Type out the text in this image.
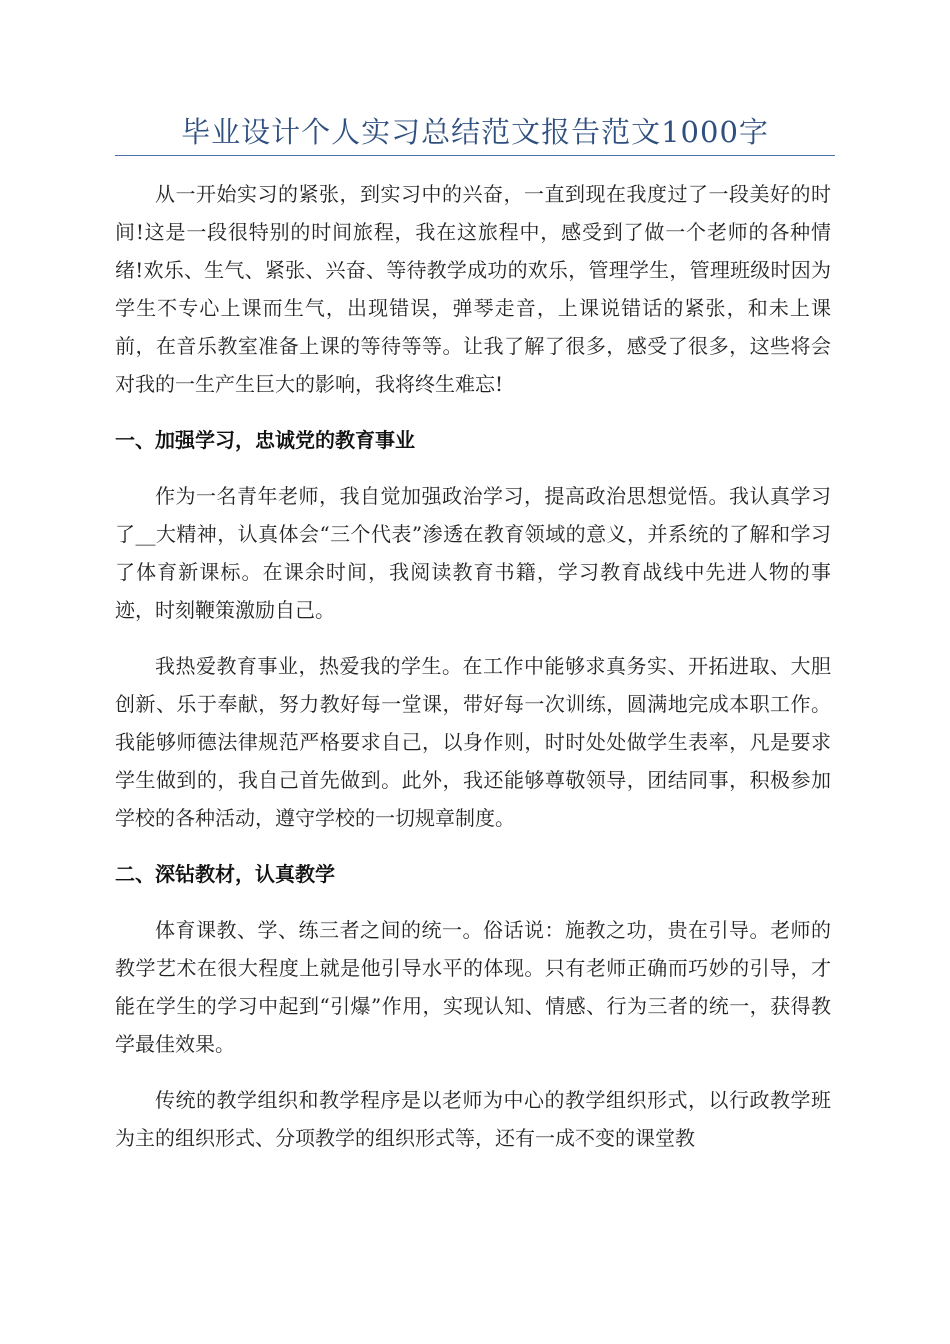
毕业设计个人实习总结范文报告范文1000字

从一开始实习的紧张，到实习中的兴奋，一直到现在我度过了一段美好的时间!这是一段很特别的时间旅程，我在这旅程中，感受到了做一个老师的各种情绪!欢乐、生气、紧张、兴奋、等待教学成功的欢乐，管理学生，管理班级时因为学生不专心上课而生气，出现错误，弹琴走音，上课说错话的紧张，和未上课前，在音乐教室准备上课的等待等等。让我了解了很多，感受了很多，这些将会对我的一生产生巨大的影响，我将终生难忘!

一、加强学习，忠诚党的教育事业

作为一名青年老师，我自觉加强政治学习，提高政治思想觉悟。我认真学习了__大精神，认真体会“三个代表”渗透在教育领域的意义，并系统的了解和学习了体育新课标。在课余时间，我阅读教育书籍，学习教育战线中先进人物的事迹，时刻鞭策激励自己。

我热爱教育事业，热爱我的学生。在工作中能够求真务实、开拓进取、大胆创新、乐于奉献，努力教好每一堂课，带好每一次训练，圆满地完成本职工作。我能够师德法律规范严格要求自己，以身作则，时时处处做学生表率，凡是要求学生做到的，我自己首先做到。此外，我还能够尊敬领导，团结同事，积极参加学校的各种活动，遵守学校的一切规章制度。

二、深钻教材，认真教学

体育课教、学、练三者之间的统一。俗话说：施教之功，贵在引导。老师的教学艺术在很大程度上就是他引导水平的体现。只有老师正确而巧妙的引导，才能在学生的学习中起到“引爆”作用，实现认知、情感、行为三者的统一，获得教学最佳效果。

传统的教学组织和教学程序是以老师为中心的教学组织形式，以行政教学班为主的组织形式、分项教学的组织形式等，还有一成不变的课堂教
